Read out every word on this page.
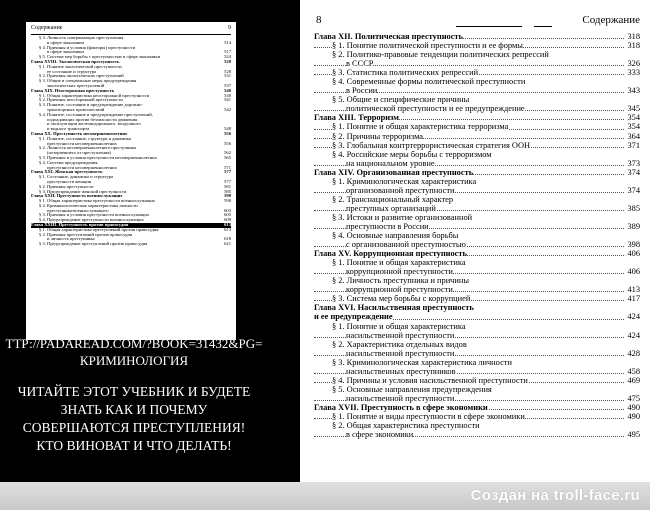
Содержание	9
§ 3. Личность совершающих преступления
в сфере экономики	514
§ 4. Причины и условия (факторы) преступности
в сфере экономики	517
§ 5. Система мер борьбы с преступностью в сфере экономики	524
Глава XVIII. Экологическая преступность	528
§ 1. Понятие экологической преступности,
ее состояние и структура	528
§ 2. Причины экологических преступлений	531
§ 3. Общие и специальные меры предупреждения
экологических преступлений	537
Глава XIX. Неосторожная преступность	540
§ 1. Общая характеристика неосторожной преступности	540
§ 2. Причины неосторожной преступности	541
§ 3. Понятие, состояние и предупреждение дорожно-
транспортных происшествий	542
§ 4. Понятие, состояние и предупреждение преступлений,
подпадающих против безопасности движения
и эксплуатации железнодорожного, воздушного
и водного транспорта	548
Глава XX. Преступность несовершеннолетних	556
§ 1. Понятие, состояние, структура и динамика
преступности несовершеннолетних	556
§ 2. Личность несовершеннолетнего преступника
(потерпевшего от преступления)	562
§ 3. Причины и условия преступности несовершеннолетних	565
§ 4. Система предупреждения
преступности несовершеннолетних	571
Глава XXI. Женская преступность	577
§ 1. Состояние, динамика и структура
преступности женщин	577
§ 2. Причины преступности	581
§ 3. Предупреждение женской преступности	585
Глава XXII. Преступность военнослужащих	590
§ 1. Общая характеристика преступности военнослужащих	590
§ 2. Криминологическая характеристика личности
преступника-военнослужащего	603
§ 3. Причины и условия преступности военнослужащих	605
§ 4. Предупреждение преступности военнослужащих	609
Глава XXIII. Преступность против правосудия	613
§ 1. Общая характеристика преступлений против правосудия	613
§ 2. Причины преступлений против правосудия
и личность преступника	618
§ 3. Предупреждение преступлений против правосудия	621
ТТР://PADAREAD.COM/?BOOK=31432&PG=
КРИМИНОЛОГИЯ
ЧИТАЙТЕ ЭТОТ УЧЕБНИК И БУДЕТЕ ЗНАТЬ КАК И ПОЧЕМУ СОВЕРШАЮТСЯ ПРЕСТУПЛЕНИЯ! КТО ВИНОВАТ И ЧТО ДЕЛАТЬ!
8	Содержание
Глава XII. Политическая преступность	318
§ 1. Понятие политической преступности и ее формы	318
§ 2. Политико-правовые тенденции политических репрессий
в СССР	326
§ 3. Статистика политических репрессий	333
§ 4. Современные формы политической преступности
в России	343
§ 5. Общие и специфические причины
политической преступности и ее предупреждение	345
Глава XIII. Терроризм	354
§ 1. Понятие и общая характеристика терроризма	354
§ 2. Причины терроризма	364
§ 3. Глобальная контртеррористическая стратегия ООН	371
§ 4. Российские меры борьбы с терроризмом
на национальном уровне	373
Глава XIV. Организованная преступность	374
§ 1. Криминологическая характеристика
организованной преступности	374
§ 2. Транснациональный характер
преступных организаций	385
§ 3. Истоки и развитие организованной
преступности в России	389
§ 4. Основные направления борьбы
с организованной преступностью	398
Глава XV. Коррупционная преступность	406
§ 1. Понятие и общая характеристика
коррупционной преступности	406
§ 2. Личность преступника и причины
коррупционной преступности	413
§ 3. Система мер борьбы с коррупцией	417
Глава XVI. Насильственная преступность
и ее предупреждение	424
§ 1. Понятие и общая характеристика
насильственной преступности	424
§ 2. Характеристика отдельных видов
насильственной преступности	428
§ 3. Криминологическая характеристика личности
насильственных преступников	458
§ 4. Причины и условия насильственной преступности	469
§ 5. Основные направления предупреждения
насильственной преступности	475
Глава XVII. Преступность в сфере экономики	490
§ 1. Понятие и виды преступности в сфере экономики	490
§ 2. Общая характеристика преступности
в сфере экономики	495
Создан на troll-face.ru
